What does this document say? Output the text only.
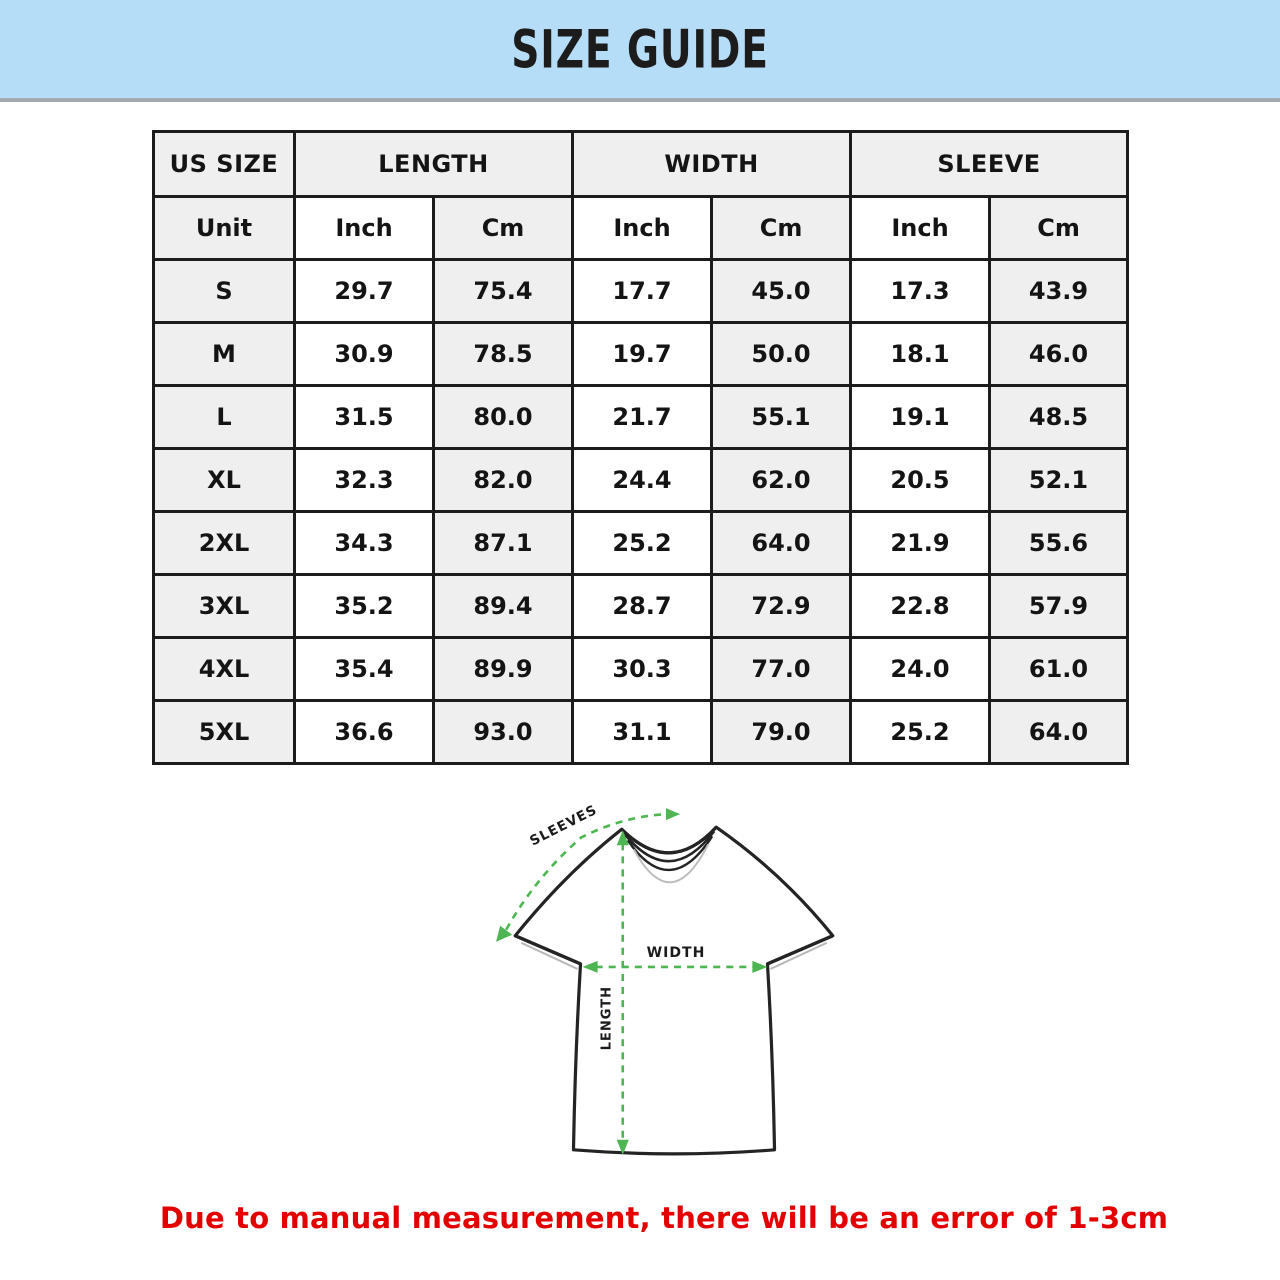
SIZE GUIDE
US SIZE	LENGTH		WIDTH		SLEEVE	
Unit	Inch	Cm	Inch	Cm	Inch	Cm
S	29.7	75.4	17.7	45.0	17.3	43.9
M	30.9	78.5	19.7	50.0	18.1	46.0
L	31.5	80.0	21.7	55.1	19.1	48.5
XL	32.3	82.0	24.4	62.0	20.5	52.1
2XL	34.3	87.1	25.2	64.0	21.9	55.6
3XL	35.2	89.4	28.7	72.9	22.8	57.9
4XL	35.4	89.9	30.3	77.0	24.0	61.0
5XL	36.6	93.0	31.1	79.0	25.2	64.0
WIDTH
LENGTH
SLEEVES
Due to manual measurement, there will be an error of 1-3cm
